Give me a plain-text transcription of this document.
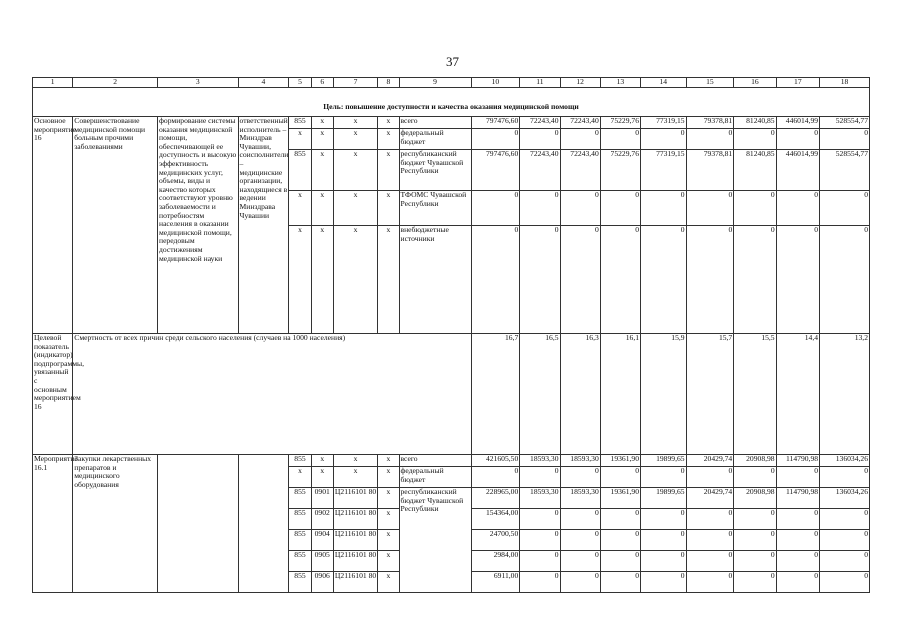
37
1	2	3	4	5	6	7	8	9	10	11	12	13	14	15	16	17	18
Цель: повышение доступности и качества оказания медицинской помощи																	
Основное мероприятие 16	Совершенствование медицинской помощи больным прочими заболеваниями	формирование системы оказания медицинской помощи, обеспечивающей ее доступность и высокую эффективность медицинских услуг, объемы, виды и качество которых соответствуют уровню заболеваемости и потребностям населения в оказании медицинской помощи, передовым достижениям медицинской науки	ответственный исполнитель – Минздрав Чувашии, соисполнители – медицинские организации, находящиеся в ведении Минздрава Чувашии	855	x	x	x	всего	797476,60	72243,40	72243,40	75229,76	77319,15	79378,81	81240,85	446014,99	528554,77
				x	x	x	x	федеральный бюджет	0	0	0	0	0	0	0	0	0
				855	x	x	x	республиканский бюджет Чувашской Республики	797476,60	72243,40	72243,40	75229,76	77319,15	79378,81	81240,85	446014,99	528554,77
				x	x	x	x	ТФОМС Чувашской Республики	0	0	0	0	0	0	0	0	0
				x	x	x	x	внебюджетные источники	0	0	0	0	0	0	0	0	0
Целевой показатель (индикатор) подпрограммы, увязанный с основным мероприятием 16	Смертность от всех причин среди сельского населения (случаев на 1000 населения)								16,7	16,5	16,3	16,1	15,9	15,7	15,5	14,4	13,2
Мероприятие 16.1	Закупки лекарственных препаратов и медицинского оборудования			855	x	x	x	всего	421605,50	18593,30	18593,30	19361,90	19899,65	20429,74	20908,98	114790,98	136034,26
				x	x	x	x	федеральный бюджет	0	0	0	0	0	0	0	0	0
				855	0901	Ц2116101 80	x	республиканский бюджет Чувашской Республики	228965,00	18593,30	18593,30	19361,90	19899,65	20429,74	20908,98	114790,98	136034,26
				855	0902	Ц2116101 80	x		154364,00	0	0	0	0	0	0	0	0
				855	0904	Ц2116101 80	x		24700,50	0	0	0	0	0	0	0	0
				855	0905	Ц2116101 80	x		2984,00	0	0	0	0	0	0	0	0
				855	0906	Ц2116101 80	x		6911,00	0	0	0	0	0	0	0	0
